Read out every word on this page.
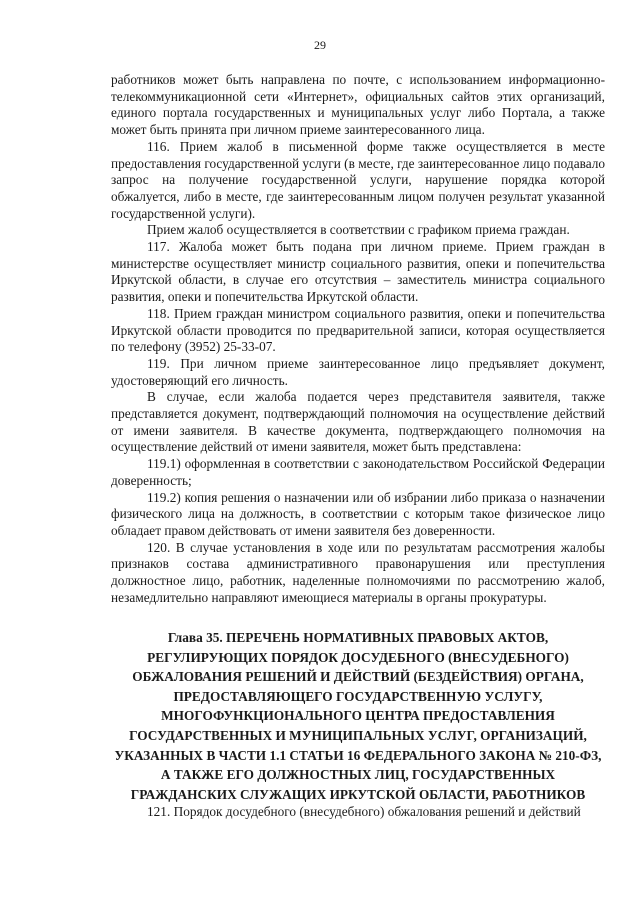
29

работников может быть направлена по почте, с использованием информационно-телекоммуникационной сети «Интернет», официальных сайтов этих организаций, единого портала государственных и муниципальных услуг либо Портала, а также может быть принята при личном приеме заинтересованного лица.

116. Прием жалоб в письменной форме также осуществляется в месте предоставления государственной услуги (в месте, где заинтересованное лицо подавало запрос на получение государственной услуги, нарушение порядка которой обжалуется, либо в месте, где заинтересованным лицом получен результат указанной государственной услуги).

Прием жалоб осуществляется в соответствии с графиком приема граждан.

117. Жалоба может быть подана при личном приеме. Прием граждан в министерстве осуществляет министр социального развития, опеки и попечительства Иркутской области, в случае его отсутствия – заместитель министра социального развития, опеки и попечительства Иркутской области.

118. Прием граждан министром социального развития, опеки и попечительства Иркутской области проводится по предварительной записи, которая осуществляется по телефону (3952) 25-33-07.

119. При личном приеме заинтересованное лицо предъявляет документ, удостоверяющий его личность.

В случае, если жалоба подается через представителя заявителя, также представляется документ, подтверждающий полномочия на осуществление действий от имени заявителя. В качестве документа, подтверждающего полномочия на осуществление действий от имени заявителя, может быть представлена:

119.1) оформленная в соответствии с законодательством Российской Федерации доверенность;

119.2) копия решения о назначении или об избрании либо приказа о назначении физического лица на должность, в соответствии с которым такое физическое лицо обладает правом действовать от имени заявителя без доверенности.

120. В случае установления в ходе или по результатам рассмотрения жалобы признаков состава административного правонарушения или преступления должностное лицо, работник, наделенные полномочиями по рассмотрению жалоб, незамедлительно направляют имеющиеся материалы в органы прокуратуры.

Глава 35. ПЕРЕЧЕНЬ НОРМАТИВНЫХ ПРАВОВЫХ АКТОВ, РЕГУЛИРУЮЩИХ ПОРЯДОК ДОСУДЕБНОГО (ВНЕСУДЕБНОГО) ОБЖАЛОВАНИЯ РЕШЕНИЙ И ДЕЙСТВИЙ (БЕЗДЕЙСТВИЯ) ОРГАНА, ПРЕДОСТАВЛЯЮЩЕГО ГОСУДАРСТВЕННУЮ УСЛУГУ, МНОГОФУНКЦИОНАЛЬНОГО ЦЕНТРА ПРЕДОСТАВЛЕНИЯ ГОСУДАРСТВЕННЫХ И МУНИЦИПАЛЬНЫХ УСЛУГ, ОРГАНИЗАЦИЙ, УКАЗАННЫХ В ЧАСТИ 1.1 СТАТЬИ 16 ФЕДЕРАЛЬНОГО ЗАКОНА № 210-ФЗ, А ТАКЖЕ ЕГО ДОЛЖНОСТНЫХ ЛИЦ, ГОСУДАРСТВЕННЫХ ГРАЖДАНСКИХ СЛУЖАЩИХ ИРКУТСКОЙ ОБЛАСТИ, РАБОТНИКОВ

121. Порядок досудебного (внесудебного) обжалования решений и действий
